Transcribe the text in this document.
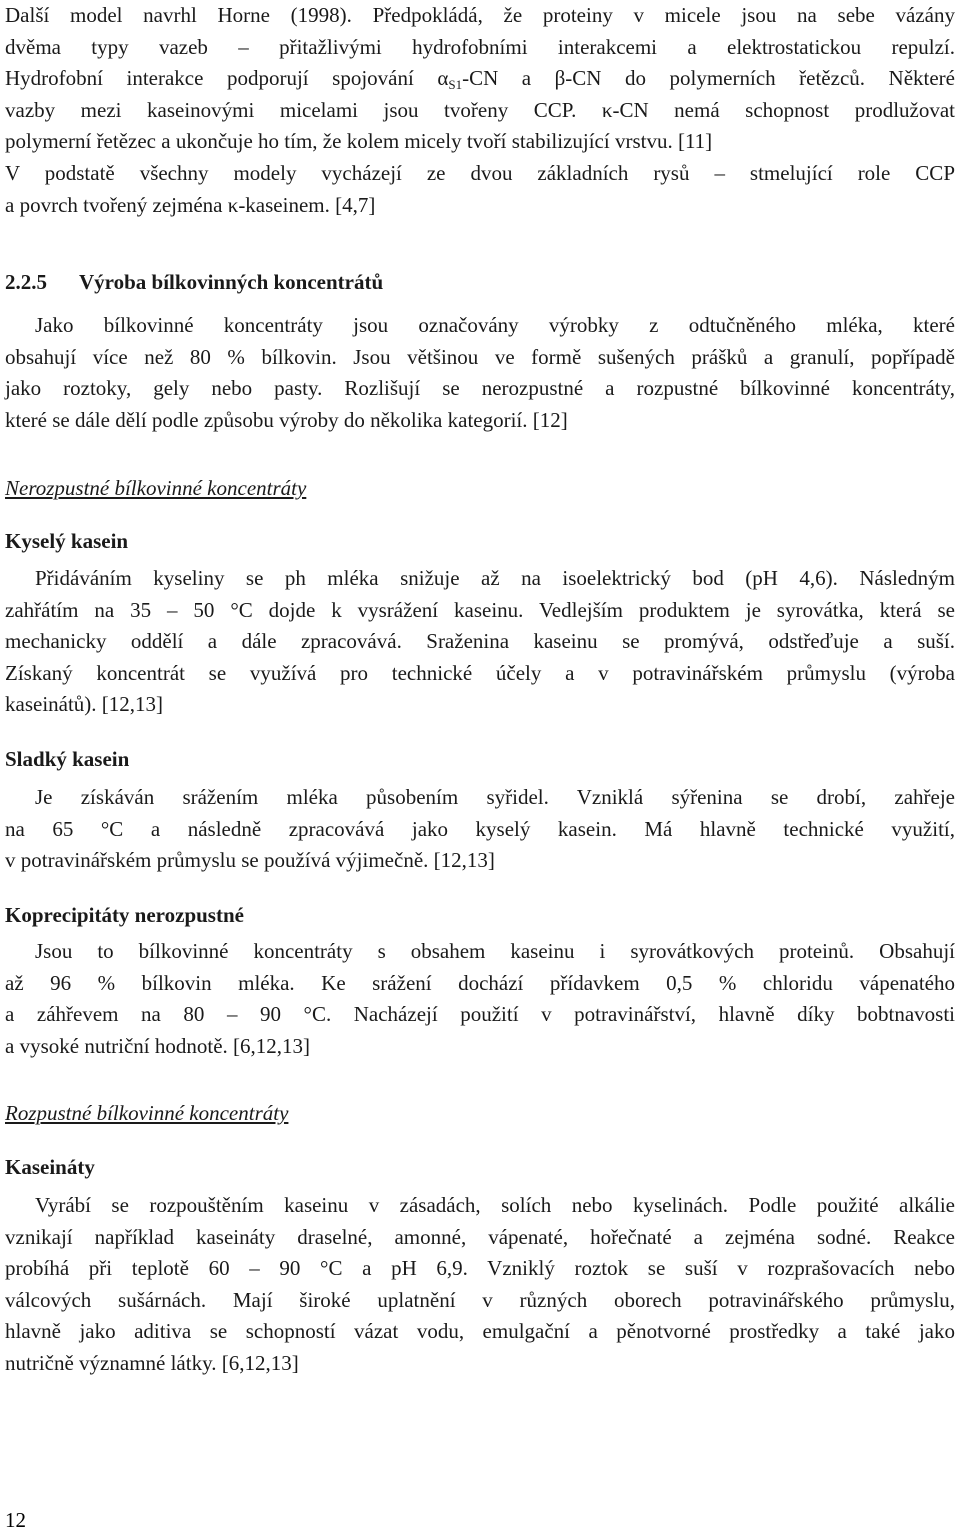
Další model navrhl Horne (1998). Předpokládá, že proteiny v micele jsou na sebe vázány
dvěma typy vazeb – přitažlivými hydrofobními interakcemi a elektrostatickou repulzí.
Hydrofobní interakce podporují spojování $\alpha_{S1}-CN$ a β-CN do polymerních řetězců. Některé
vazby mezi kaseinovými micelami jsou tvořeny CCP. κ-CN nemá schopnost prodlužovat
polymerní řetězec a ukončuje ho tím, že kolem micely tvoří stabilizující vrstvu. [11]
V podstatě všechny modely vycházejí ze dvou základních rysů – stmelující role CCP
a povrch tvořený zejména κ-kaseinem. [4,7]
2.2.5 Výroba bílkovinných koncentrátů
Jako bílkovinné koncentráty jsou označovány výrobky z odtučněného mléka, které
obsahují více než 80 % bílkovin. Jsou většinou ve formě sušených prášků a granulí, popřípadě
jako roztoky, gely nebo pasty. Rozlišují se nerozpustné a rozpustné bílkovinné koncentráty,
které se dále dělí podle způsobu výroby do několika kategorií. [12]
Nerozpustné bílkovinné koncentráty
Kyselý kasein
Přidáváním kyseliny se ph mléka snižuje až na isoelektrický bod (pH 4,6). Následným
zahřátím na 35 – 50 °C dojde k vysrážení kaseinu. Vedlejším produktem je syrovátka, která se
mechanicky oddělí a dále zpracovává. Sraženina kaseinu se promývá, odstřeďuje a suší.
Získaný koncentrát se využívá pro technické účely a v potravinářském průmyslu (výroba
kaseinátů). [12,13]
Sladký kasein
Je získáván srážením mléka působením syřidel. Vzniklá sýřenina se drobí, zahřeje
na 65 °C a následně zpracovává jako kyselý kasein. Má hlavně technické využití,
v potravinářském průmyslu se používá výjimečně. [12,13]
Koprecipitáty nerozpustné
Jsou to bílkovinné koncentráty s obsahem kaseinu i syrovátkových proteinů. Obsahují
až 96 % bílkovin mléka. Ke srážení dochází přídavkem 0,5 % chloridu vápenatého
a záhřevem na 80 – 90 °C. Nacházejí použití v potravinářství, hlavně díky bobtnavosti
a vysoké nutriční hodnotě. [6,12,13]
Rozpustné bílkovinné koncentráty
Kaseináty
Vyrábí se rozpouštěním kaseinu v zásadách, solích nebo kyselinách. Podle použité alkálie
vznikají například kaseináty draselné, amonné, vápenaté, hořečnaté a zejména sodné. Reakce
probíhá při teplotě 60 – 90 °C a pH 6,9. Vzniklý roztok se suší v rozprašovacích nebo
válcových sušárnách. Mají široké uplatnění v různých oborech potravinářského průmyslu,
hlavně jako aditiva se schopností vázat vodu, emulgační a pěnotvorné prostředky a také jako
nutričně významné látky. [6,12,13]
12
